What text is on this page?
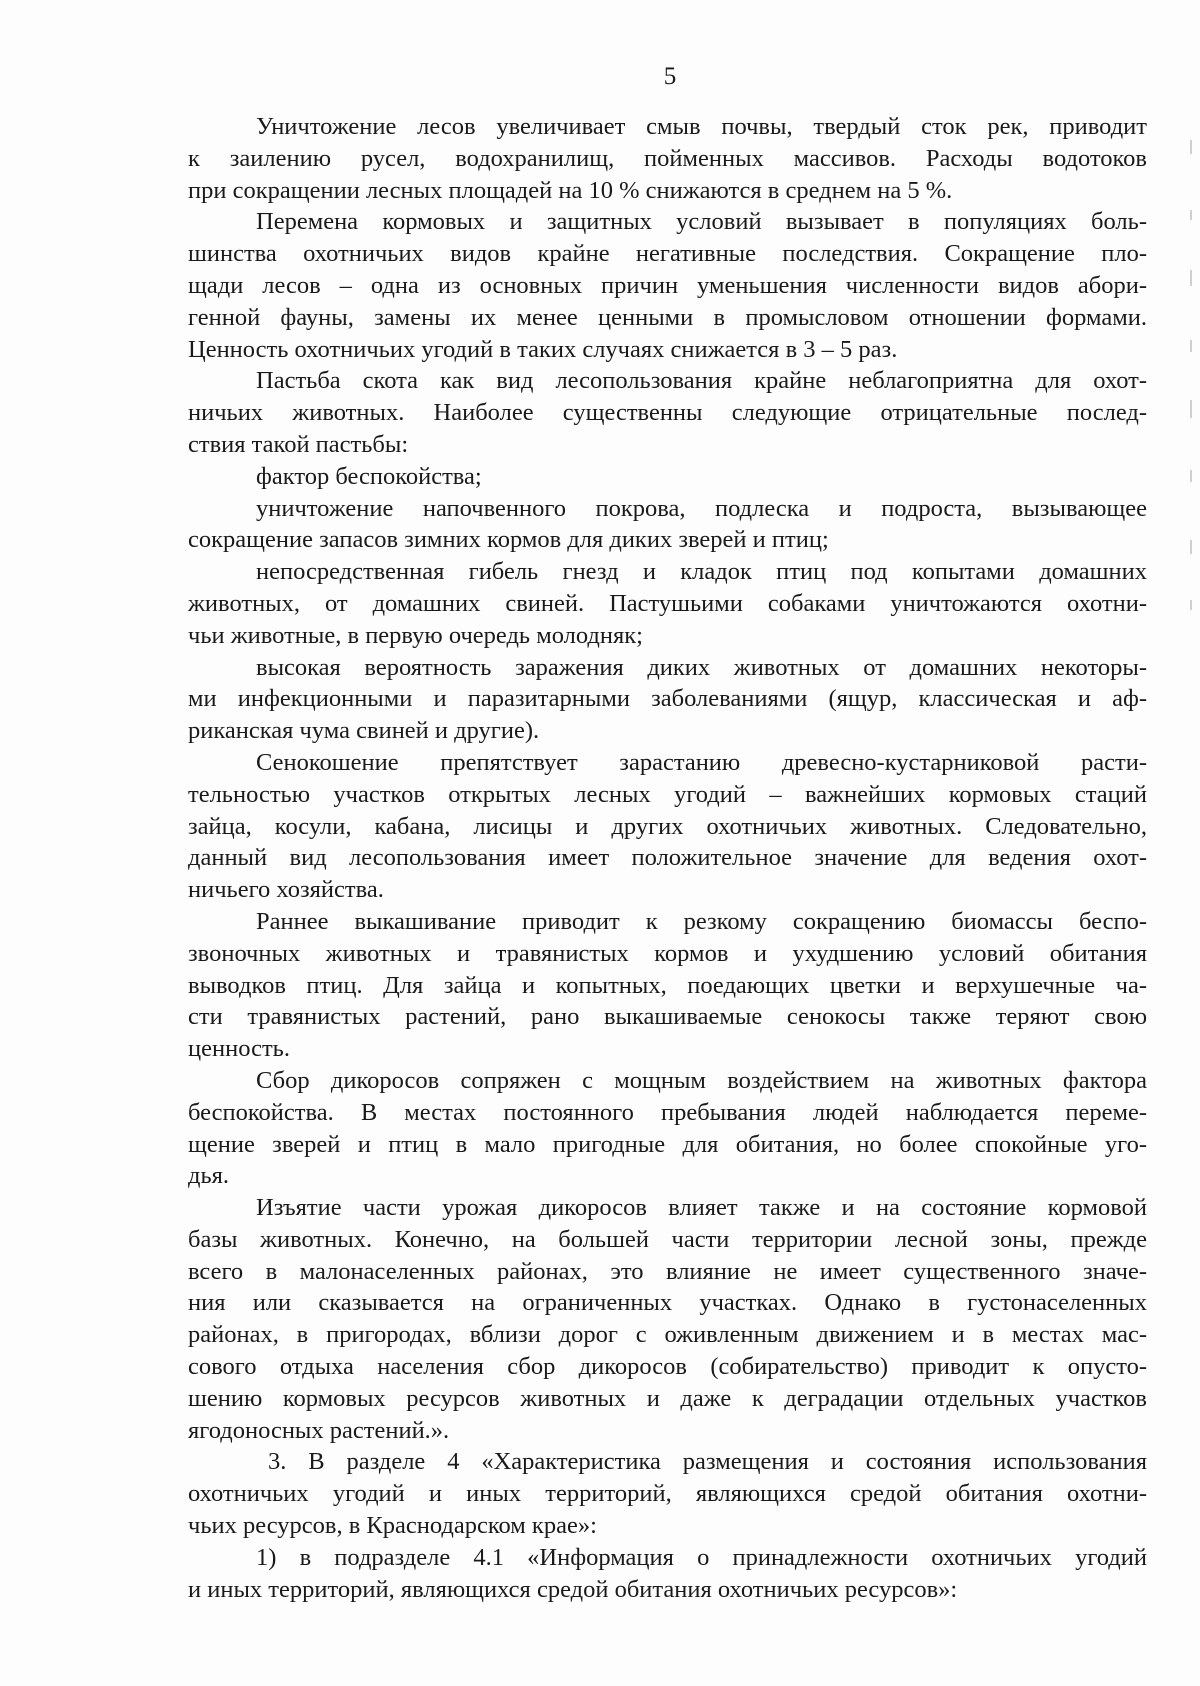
5
Уничтожение лесов увеличивает смыв почвы, твердый сток рек, приводит
к заилению русел, водохранилищ, пойменных массивов. Расходы водотоков
при сокращении лесных площадей на 10 % снижаются в среднем на 5 %.
Перемена кормовых и защитных условий вызывает в популяциях боль-
шинства охотничьих видов крайне негативные последствия. Сокращение пло-
щади лесов – одна из основных причин уменьшения численности видов абори-
генной фауны, замены их менее ценными в промысловом отношении формами.
Ценность охотничьих угодий в таких случаях снижается в 3 – 5 раз.
Пастьба скота как вид лесопользования крайне неблагоприятна для охот-
ничьих животных. Наиболее существенны следующие отрицательные послед-
ствия такой пастьбы:
фактор беспокойства;
уничтожение напочвенного покрова, подлеска и подроста, вызывающее
сокращение запасов зимних кормов для диких зверей и птиц;
непосредственная гибель гнезд и кладок птиц под копытами домашних
животных, от домашних свиней. Пастушьими собаками уничтожаются охотни-
чьи животные, в первую очередь молодняк;
высокая вероятность заражения диких животных от домашних некоторы-
ми инфекционными и паразитарными заболеваниями (ящур, классическая и аф-
риканская чума свиней и другие).
Сенокошение препятствует зарастанию древесно-кустарниковой расти-
тельностью участков открытых лесных угодий – важнейших кормовых стаций
зайца, косули, кабана, лисицы и других охотничьих животных. Следовательно,
данный вид лесопользования имеет положительное значение для ведения охот-
ничьего хозяйства.
Раннее выкашивание приводит к резкому сокращению биомассы беспо-
звоночных животных и травянистых кормов и ухудшению условий обитания
выводков птиц. Для зайца и копытных, поедающих цветки и верхушечные ча-
сти травянистых растений, рано выкашиваемые сенокосы также теряют свою
ценность.
Сбор дикоросов сопряжен с мощным воздействием на животных фактора
беспокойства. В местах постоянного пребывания людей наблюдается переме-
щение зверей и птиц в мало пригодные для обитания, но более спокойные уго-
дья.
Изъятие части урожая дикоросов влияет также и на состояние кормовой
базы животных. Конечно, на большей части территории лесной зоны, прежде
всего в малонаселенных районах, это влияние не имеет существенного значе-
ния или сказывается на ограниченных участках. Однако в густонаселенных
районах, в пригородах, вблизи дорог с оживленным движением и в местах мас-
сового отдыха населения сбор дикоросов (собирательство) приводит к опусто-
шению кормовых ресурсов животных и даже к деградации отдельных участков
ягодоносных растений.».
3. В разделе 4 «Характеристика размещения и состояния использования
охотничьих угодий и иных территорий, являющихся средой обитания охотни-
чьих ресурсов, в Краснодарском крае»:
1) в подразделе 4.1 «Информация о принадлежности охотничьих угодий
и иных территорий, являющихся средой обитания охотничьих ресурсов»:
